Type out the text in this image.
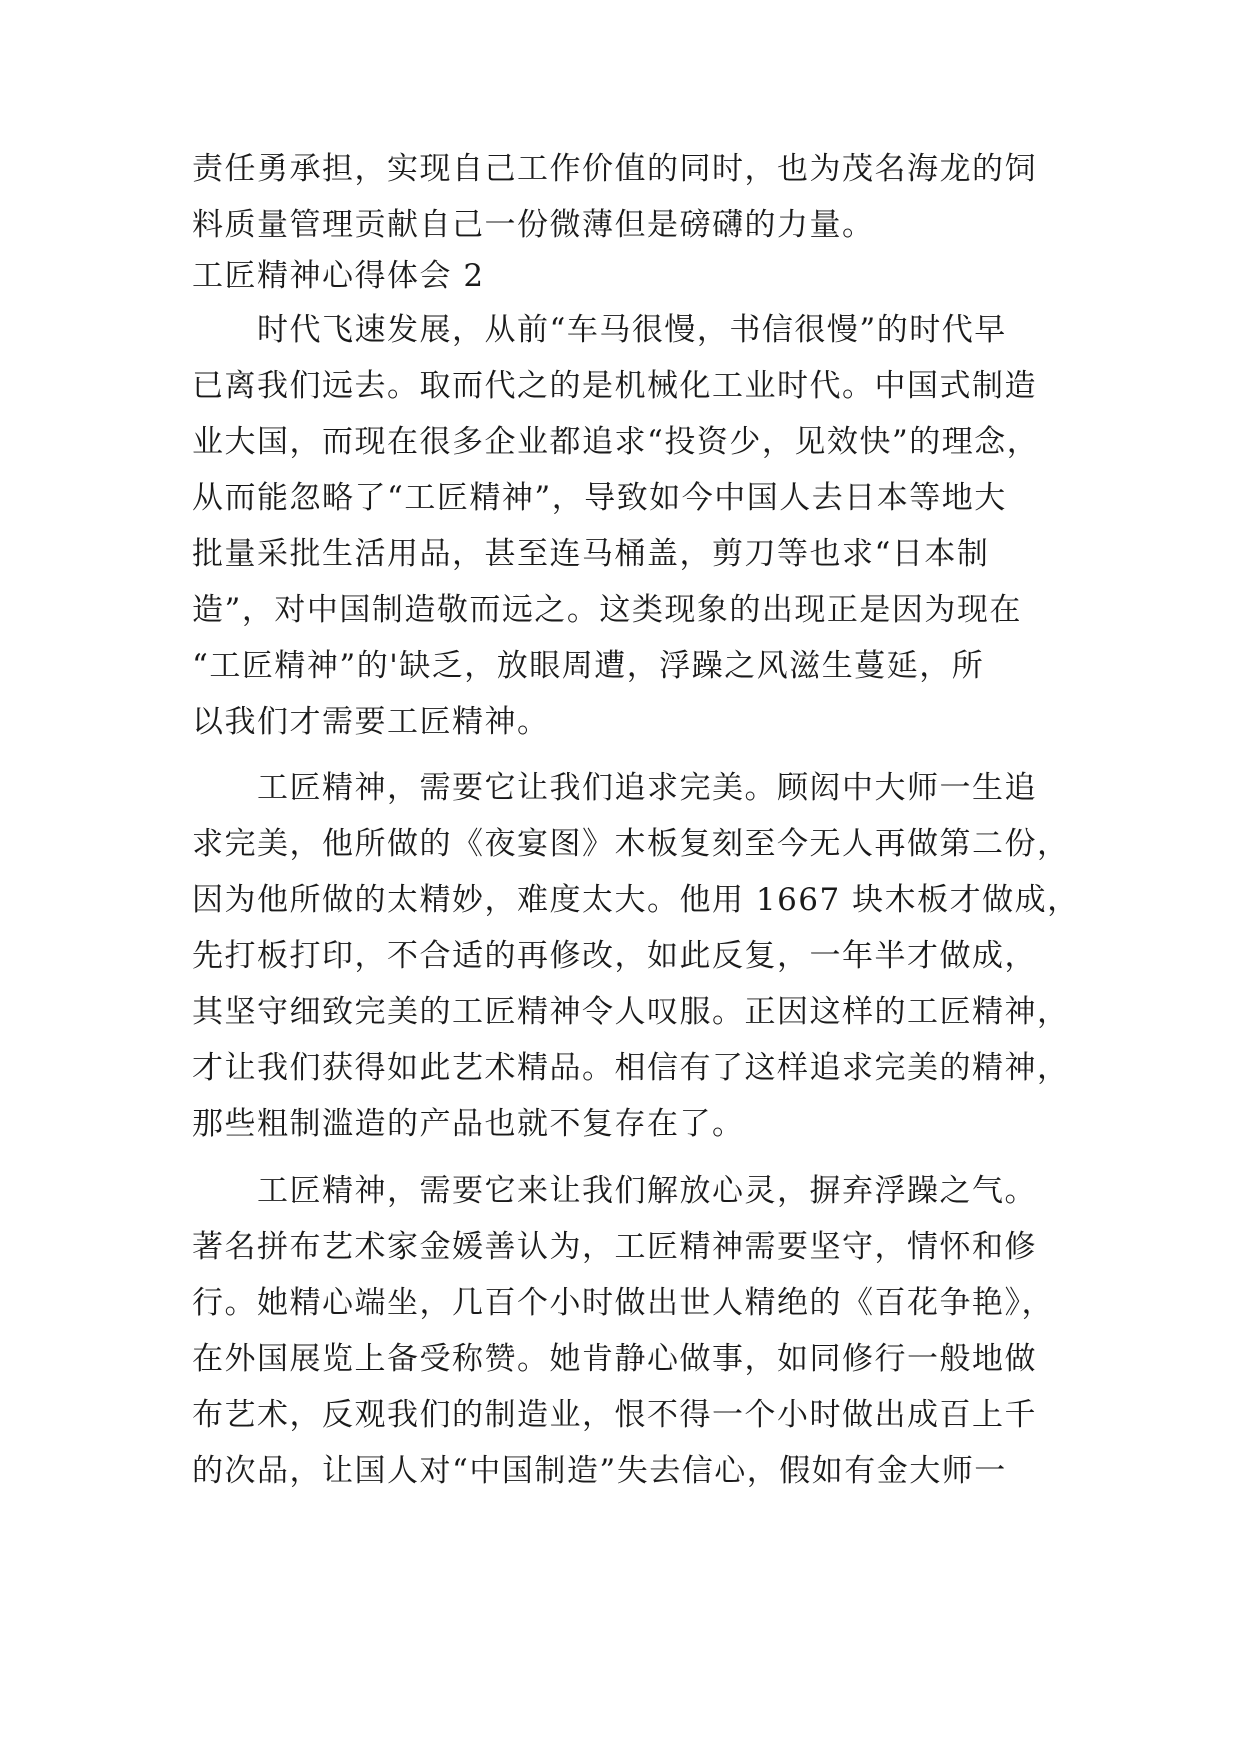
责任勇承担，实现自己工作价值的同时，也为茂名海龙的饲
料质量管理贡献自己一份微薄但是磅礴的力量。
工匠精神心得体会 2
　　时代飞速发展，从前“车马很慢，书信很慢”的时代早
已离我们远去。取而代之的是机械化工业时代。中国式制造
业大国，而现在很多企业都追求“投资少，见效快”的理念，
从而能忽略了“工匠精神”，导致如今中国人去日本等地大
批量采批生活用品，甚至连马桶盖，剪刀等也求“日本制
造”，对中国制造敬而远之。这类现象的出现正是因为现在
“工匠精神”的'缺乏，放眼周遭，浮躁之风滋生蔓延，所
以我们才需要工匠精神。
　　工匠精神，需要它让我们追求完美。顾闳中大师一生追
求完美，他所做的《夜宴图》木板复刻至今无人再做第二份，
因为他所做的太精妙，难度太大。他用 1667 块木板才做成，
先打板打印，不合适的再修改，如此反复，一年半才做成，
其坚守细致完美的工匠精神令人叹服。正因这样的工匠精神，
才让我们获得如此艺术精品。相信有了这样追求完美的精神，
那些粗制滥造的产品也就不复存在了。
　　工匠精神，需要它来让我们解放心灵，摒弃浮躁之气。
著名拼布艺术家金媛善认为，工匠精神需要坚守，情怀和修
行。她精心端坐，几百个小时做出世人精绝的《百花争艳》，
在外国展览上备受称赞。她肯静心做事，如同修行一般地做
布艺术，反观我们的制造业，恨不得一个小时做出成百上千
的次品，让国人对“中国制造”失去信心，假如有金大师一
